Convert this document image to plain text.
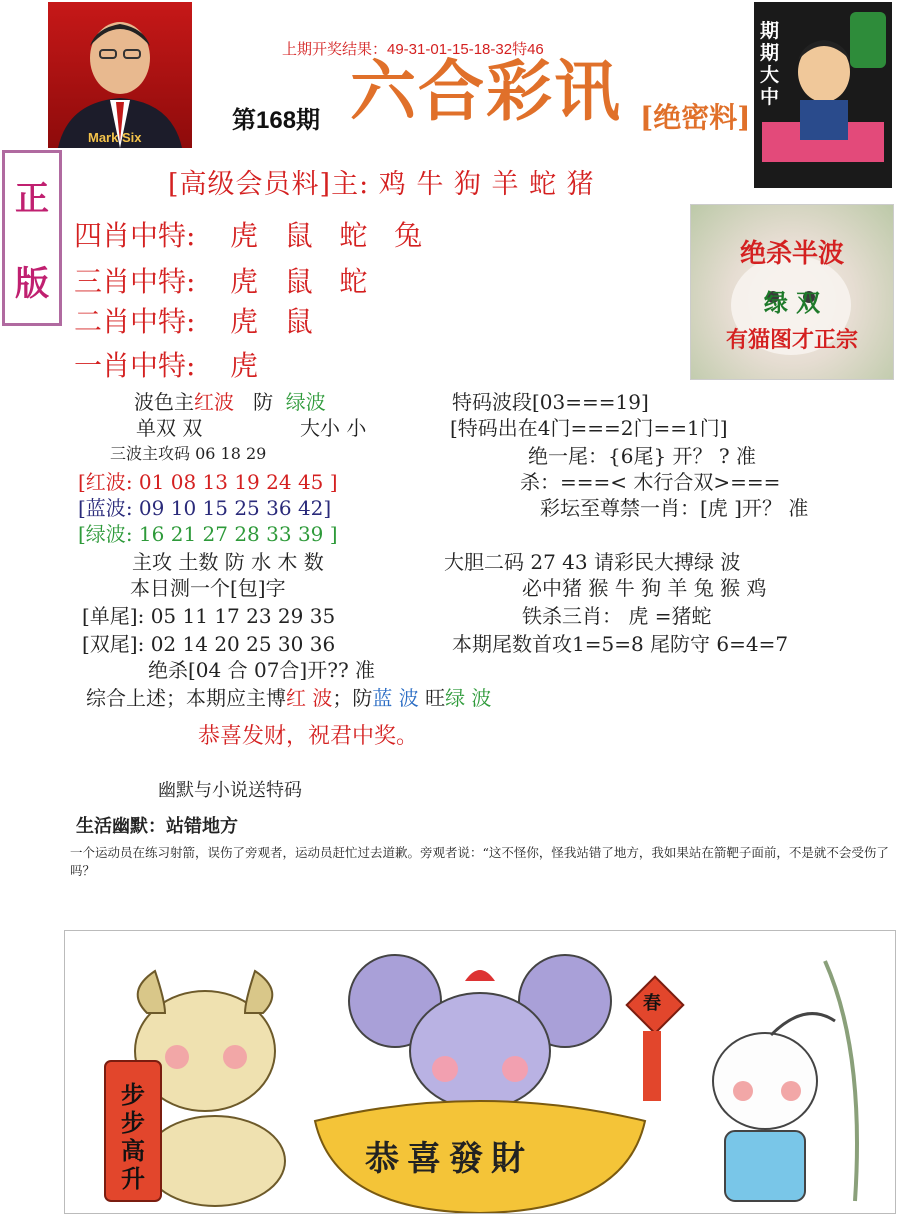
Mark Six
上期开奖结果：49-31-01-15-18-32特46
第168期 六合彩讯 [绝密料]
期期大中
正
版
[高级会员料]主: 鸡 牛 狗 羊 蛇 猪
四肖中特: 虎   鼠   蛇   兔
三肖中特: 虎   鼠   蛇
二肖中特: 虎   鼠
一肖中特: 虎
绝杀半波
绿 双
有猫图才正宗
波色主红波 防 绿波
单双 双	大小 小
三波主攻码 06 18 29
[红波: 01 08 13 19 24 45 ]
[蓝波: 09 10 15 25 36 42]
[绿波: 16 21 27 28 33 39 ]
主攻 土数 防 水 木 数
本日测一个[包]字
[单尾]: 05 11 17 23 29 35
[双尾]: 02 14 20 25 30 36
绝杀[04 合 07合]开?? 准
综合上述；本期应主博红 波；防蓝 波 旺绿 波
恭喜发财，祝君中奖。
特码波段[03===19]
[特码出在4门===2门==1门]
绝一尾：{6尾} 开？ ? 准
杀：===< 木行合双>===
彩坛至尊禁一肖：[虎 ]开？ 准
大胆二码 27 43 请彩民大搏绿 波
必中猪 猴 牛 狗 羊 兔 猴 鸡
铁杀三肖： 虎 =猪蛇
本期尾数首攻1=5=8 尾防守 6=4=7
幽默与小说送特码
生活幽默：站错地方
一个运动员在练习射箭，误伤了旁观者，运动员赶忙过去道歉。旁观者说：“这不怪你，怪我站错了地方，我如果站在箭靶子面前，不是就不会受伤了吗？
步步高升	恭喜發財
春
